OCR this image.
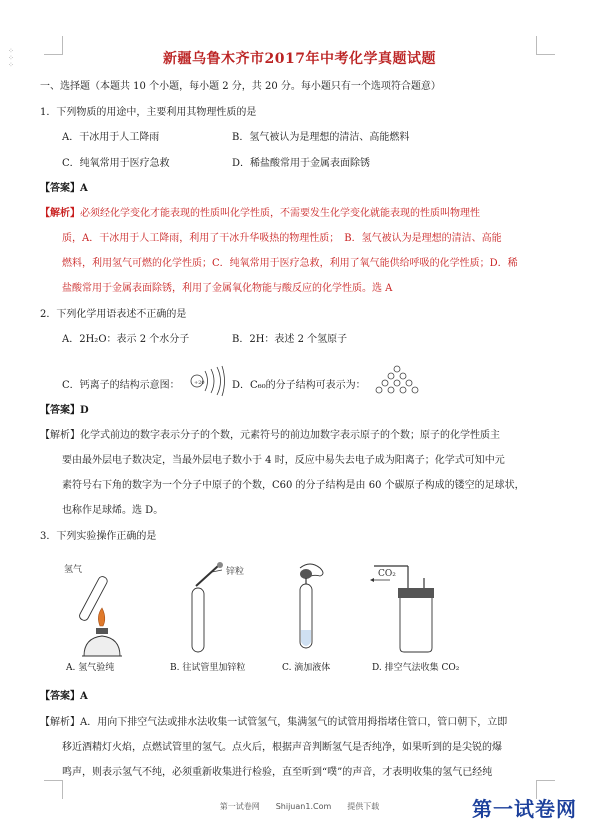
⁘
⁘
⁘	新疆乌鲁木齐市2017年中考化学真题试题
一、选择题（本题共 10 个小题，每小题 2 分，共 20 分。每小题只有一个选项符合题意）
1．下列物质的用途中，主要利用其物理性质的是
A．干冰用于人工降雨	B．氢气被认为是理想的清洁、高能燃料
C．纯氧常用于医疗急救	D．稀盐酸常用于金属表面除锈
【答案】A
【解析】必须经化学变化才能表现的性质叫化学性质，不需要发生化学变化就能表现的性质叫物理性
质，A．干冰用于人工降雨，利用了干冰升华吸热的物理性质；　B．氢气被认为是理想的清洁、高能
燃料，利用氢气可燃的化学性质；C．纯氧常用于医疗急救，利用了氧气能供给呼吸的化学性质；D．稀
盐酸常用于金属表面除锈，利用了金属氧化物能与酸反应的化学性质。选 A
2．下列化学用语表述不正确的是
A．2H₂O：表示 2 个水分子	B．2H：表述 2 个氢原子
C．钙离子的结构示意图：	+20	D．C₆₀的分子结构可表示为：
【答案】D
【解析】化学式前边的数字表示分子的个数，元素符号的前边加数字表示原子的个数；原子的化学性质主
要由最外层电子数决定，当最外层电子数小于 4 时，反应中易失去电子成为阳离子；化学式可知中元
素符号右下角的数字为一个分子中原子的个数，C60 的分子结构是由 60 个碳原子构成的镂空的足球状，
也称作足球烯。选 D。
3．下列实验操作正确的是
氢气
A. 氢气验纯
锌粒
B. 往试管里加锌粒	C. 滴加液体
CO₂
D. 排空气法收集 CO₂
【答案】A
【解析】A．用向下排空气法或排水法收集一试管氢气，集满氢气的试管用拇指堵住管口，管口朝下，立即
移近酒精灯火焰，点燃试管里的氢气。点火后，根据声音判断氢气是否纯净，如果听到的是尖锐的爆
鸣声，则表示氢气不纯，必须重新收集进行检验，直至听到“噗”的声音，才表明收集的氢气已经纯
第一试卷网　　Shijuan1.Com　　提供下载	第一试卷网
